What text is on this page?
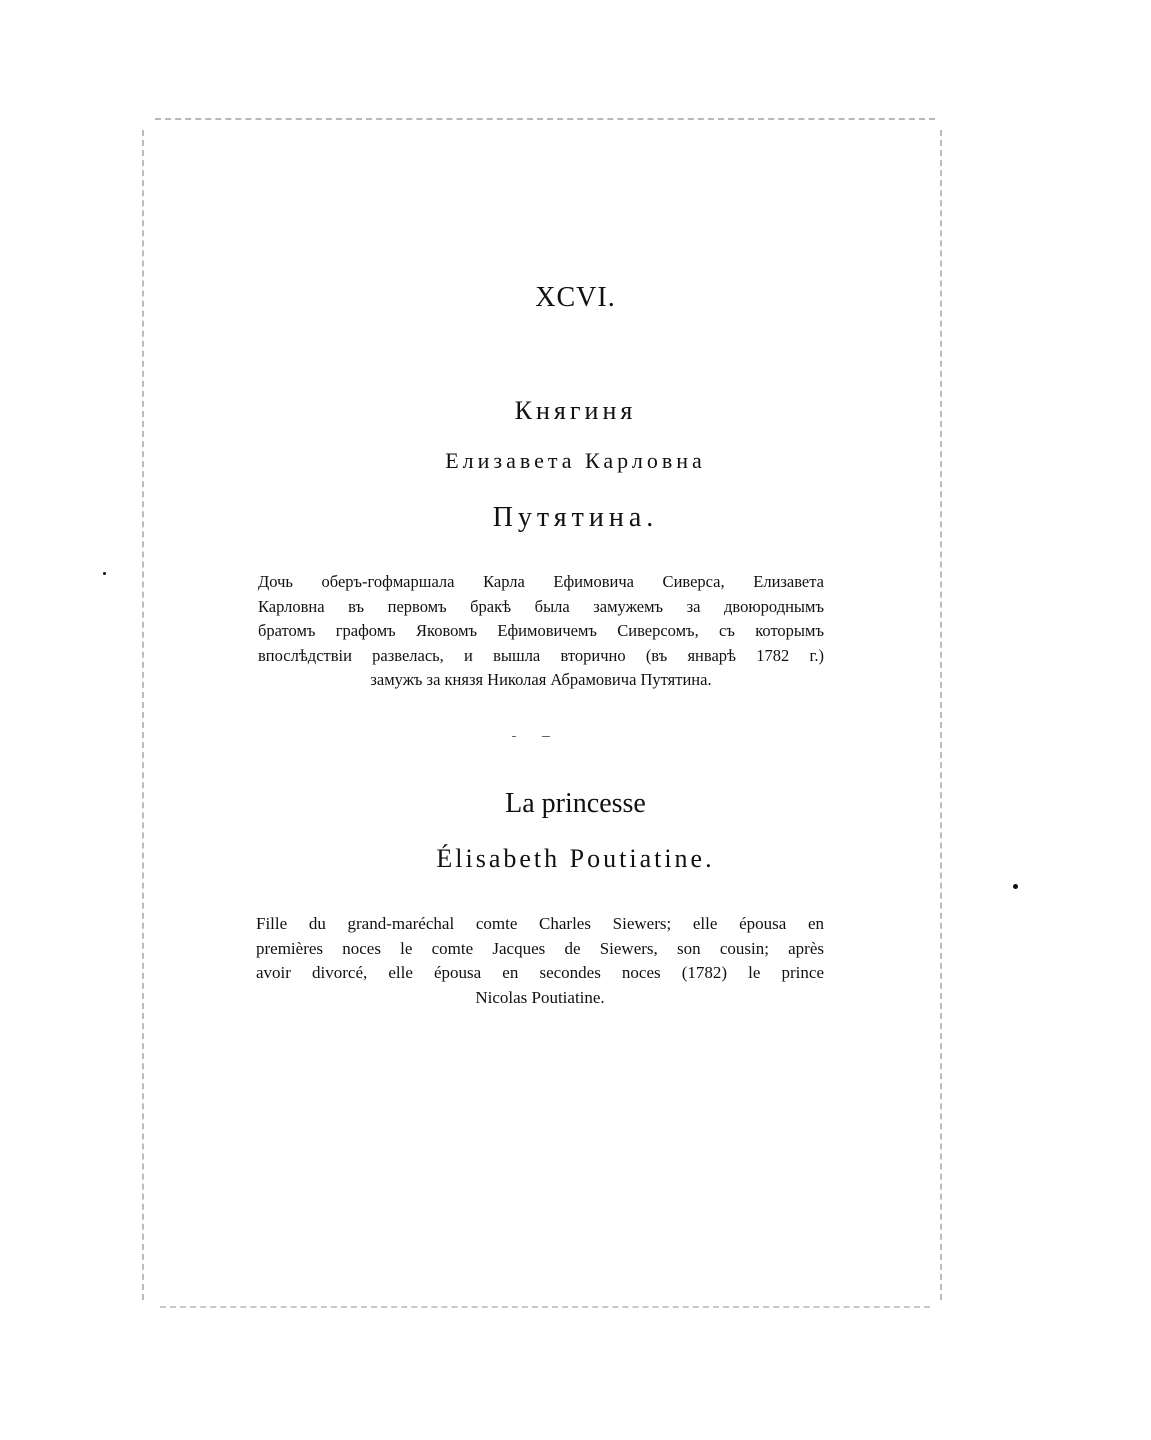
XCVI.
Княгиня
Елизавета Карловна
Путятина.
Дочь оберъ-гофмаршала Карла Ефимовича Сиверса, Елизавета
Карловна въ первомъ бракѣ была замужемъ за двоюроднымъ
братомъ графомъ Яковомъ Ефимовичемъ Сиверсомъ, съ которымъ
впослѣдствіи развелась, и вышла вторично (въ январѣ 1782 г.)
замужъ за князя Николая Абрамовича Путятина.
La princesse
Élisabeth Poutiatine.
Fille du grand-maréchal comte Charles Siewers; elle épousa en
premières noces le comte Jacques de Siewers, son cousin; après
avoir divorcé, elle épousa en secondes noces (1782) le prince
Nicolas Poutiatine.
